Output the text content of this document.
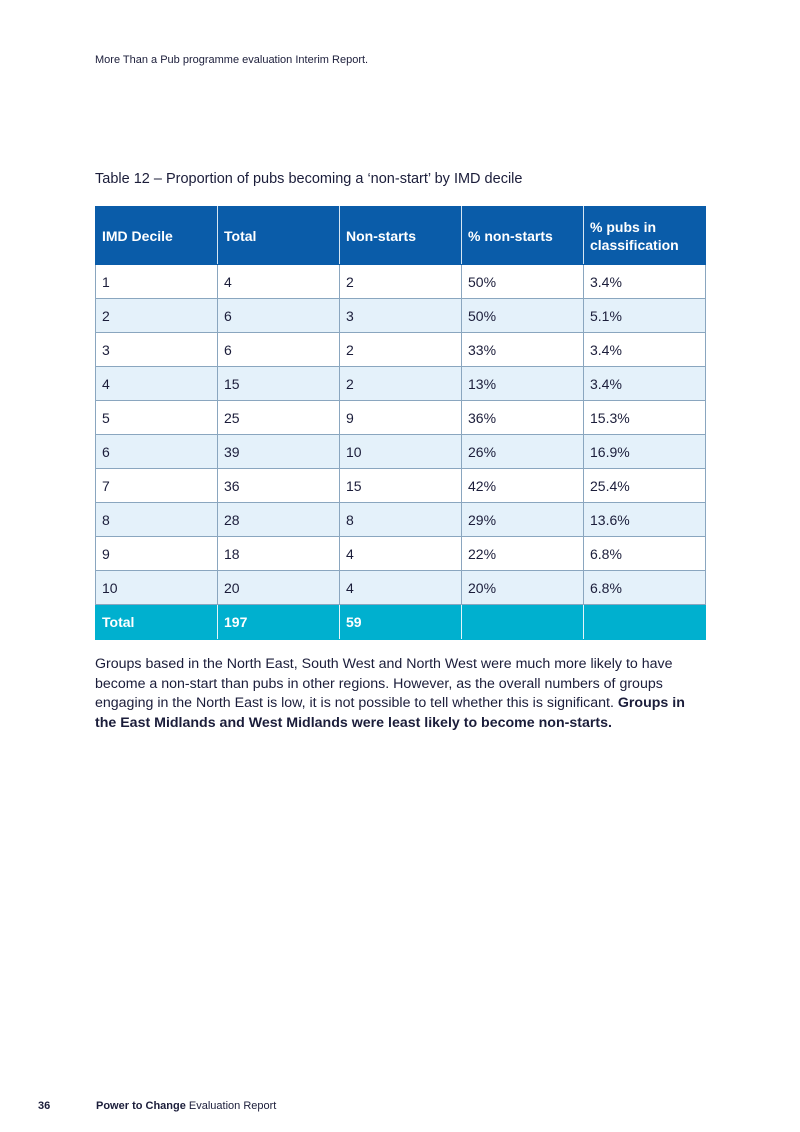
More Than a Pub programme evaluation Interim Report.
Table 12 – Proportion of pubs becoming a ‘non-start’ by IMD decile
IMD Decile	Total	Non-starts	% non-starts	% pubs in classification
1	4	2	50%	3.4%
2	6	3	50%	5.1%
3	6	2	33%	3.4%
4	15	2	13%	3.4%
5	25	9	36%	15.3%
6	39	10	26%	16.9%
7	36	15	42%	25.4%
8	28	8	29%	13.6%
9	18	4	22%	6.8%
10	20	4	20%	6.8%
Total	197	59		

Groups based in the North East, South West and North West were much more likely to have become a non-start than pubs in other regions. However, as the overall numbers of groups engaging in the North East is low, it is not possible to tell whether this is significant. Groups in the East Midlands and West Midlands were least likely to become non-starts.

36	Power to Change Evaluation Report
